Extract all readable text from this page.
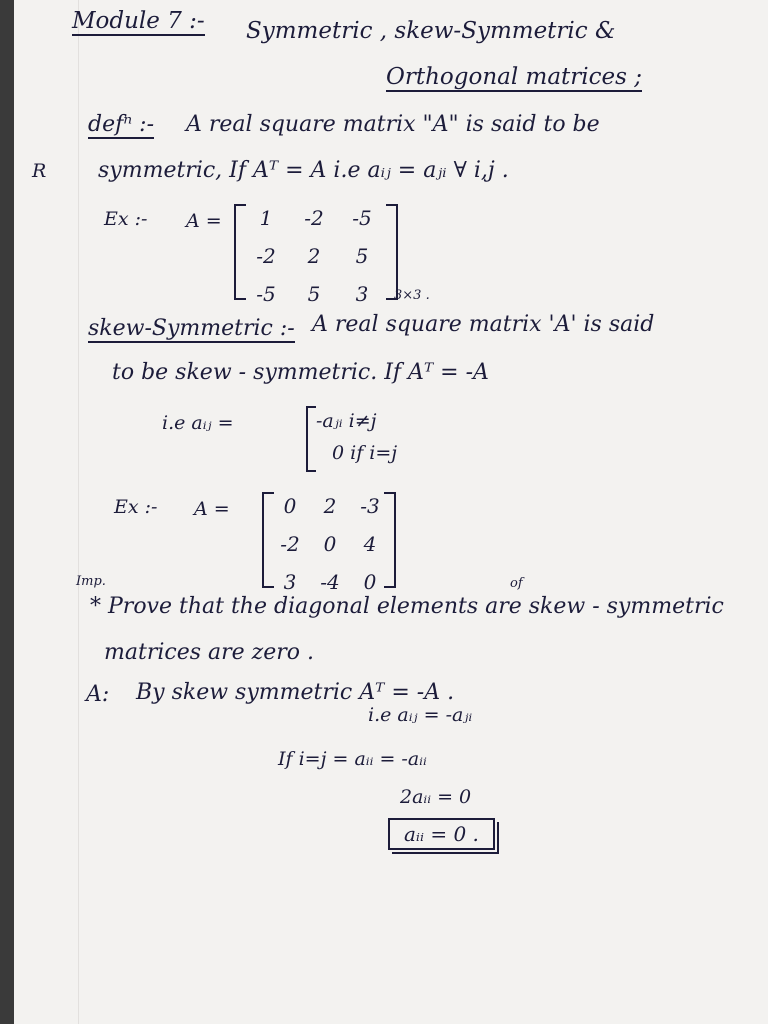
Module 7 :- Symmetric , skew-Symmetric &
Orthogonal matrices ;
R
defⁿ :- A real square matrix "A" is said to be
symmetric, If Aᵀ = A i.e aᵢⱼ = aⱼᵢ ∀ i,j .
Ex :- A =	1	-2	-5
-2	2	5
-5	5	3	3×3 .
skew-Symmetric :- A real square matrix 'A' is said
to be skew - symmetric. If Aᵀ = -A
i.e aᵢⱼ =	-aⱼᵢ i≠j
0 if i=j
Ex :- A =	0	2	-3
-2	0	4
3	-4	0
Imp.	of
* Prove that the diagonal elements are skew - symmetric
matrices are zero .
A: By skew symmetric Aᵀ = -A .
i.e aᵢⱼ = -aⱼᵢ
If i=j = aᵢᵢ = -aᵢᵢ
2aᵢᵢ = 0
aᵢᵢ = 0 .
